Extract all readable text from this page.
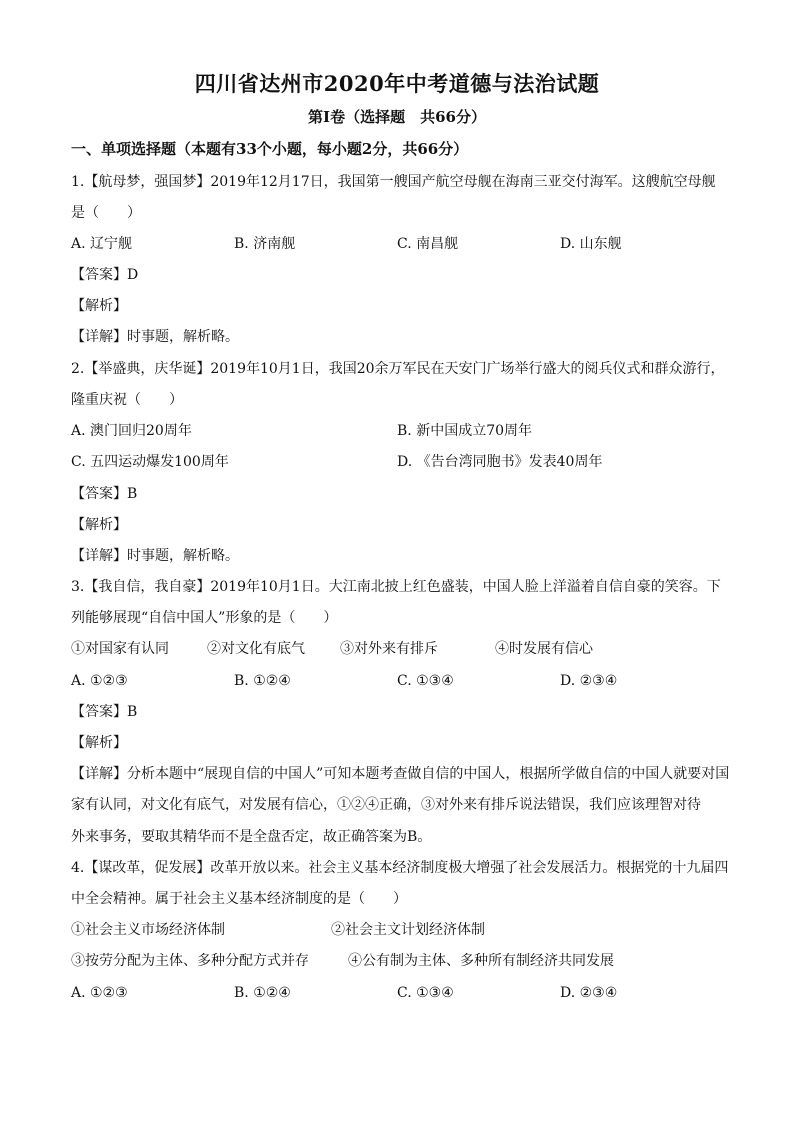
四川省达州市2020年中考道德与法治试题
第Ⅰ卷（选择题　共66分）
一、单项选择题（本题有33个小题，每小题2分，共66分）
1.【航母梦，强国梦】2019年12月17日，我国第一艘国产航空母舰在海南三亚交付海军。这艘航空母舰
是（　　）
A. 辽宁舰	B. 济南舰	C. 南昌舰	D. 山东舰
【答案】D
【解析】
【详解】时事题，解析略。
2.【举盛典，庆华诞】2019年10月1日，我国20余万军民在天安门广场举行盛大的阅兵仪式和群众游行，
隆重庆祝（　　）
A. 澳门回归20周年	B. 新中国成立70周年
C. 五四运动爆发100周年	D. 《告台湾同胞书》发表40周年
【答案】B
【解析】
【详解】时事题，解析略。
3.【我自信，我自豪】2019年10月1日。大江南北披上红色盛装，中国人脸上洋溢着自信自豪的笑容。下
列能够展现“自信中国人”形象的是（　　）
①对国家有认同	②对文化有底气	③对外来有排斥	④时发展有信心
A. ①②③	B. ①②④	C. ①③④	D. ②③④
【答案】B
【解析】
【详解】分析本题中“展现自信的中国人”可知本题考查做自信的中国人，根据所学做自信的中国人就要对国
家有认同，对文化有底气，对发展有信心，①②④正确，③对外来有排斥说法错误，我们应该理智对待
外来事务，要取其精华而不是全盘否定，故正确答案为B。
4.【谋改革，促发展】改革开放以来。社会主义基本经济制度极大增强了社会发展活力。根据党的十九届四
中全会精神。属于社会主义基本经济制度的是（　　）
①社会主义市场经济体制	②社会主文计划经济体制
③按劳分配为主体、多种分配方式并存	④公有制为主体、多种所有制经济共同发展
A. ①②③	B. ①②④	C. ①③④	D. ②③④
